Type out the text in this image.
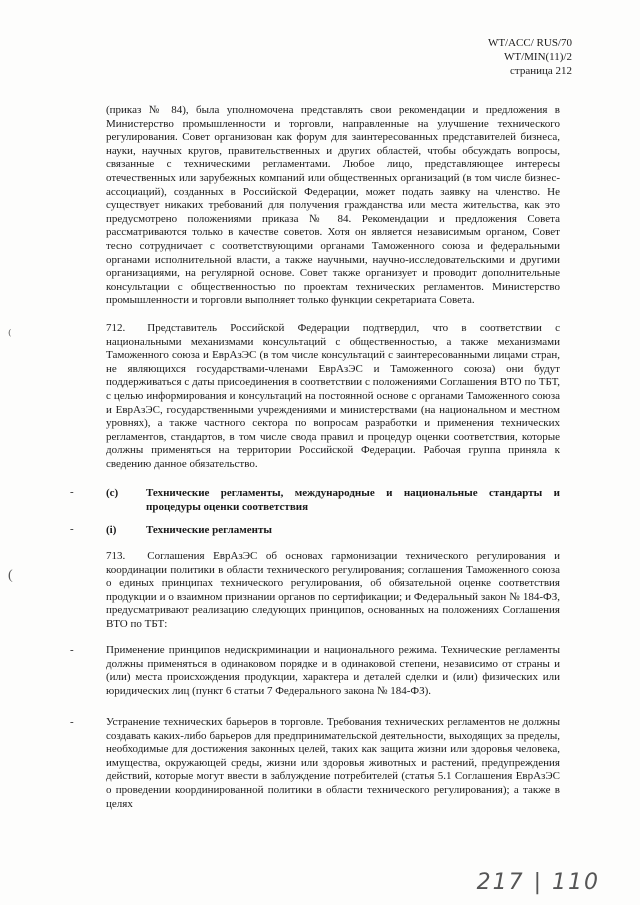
WT/ACC/ RUS/70
WT/MIN(11)/2
страница 212

(приказ № 84), была уполномочена представлять свои рекомендации и предложения в Министерство промышленности и торговли, направленные на улучшение технического регулирования. Совет организован как форум для заинтересованных представителей бизнеса, науки, научных кругов, правительственных и других областей, чтобы обсуждать вопросы, связанные с техническими регламентами. Любое лицо, представляющее интересы отечественных или зарубежных компаний или общественных организаций (в том числе бизнес-ассоциаций), созданных в Российской Федерации, может подать заявку на членство. Не существует никаких требований для получения гражданства или места жительства, как это предусмотрено положениями приказа № 84. Рекомендации и предложения Совета рассматриваются только в качестве советов. Хотя он является независимым органом, Совет тесно сотрудничает с соответствующими органами Таможенного союза и федеральными органами исполнительной власти, а также научными, научно-исследовательскими и другими организациями, на регулярной основе. Совет также организует и проводит дополнительные консультации с общественностью по проектам технических регламентов. Министерство промышленности и торговли выполняет только функции секретариата Совета.

⁽

712. Представитель Российской Федерации подтвердил, что в соответствии с национальными механизмами консультаций с общественностью, а также механизмами Таможенного союза и ЕврАзЭС (в том числе консультаций с заинтересованными лицами стран, не являющихся государствами-членами ЕврАзЭС и Таможенного союза) они будут поддерживаться с даты присоединения в соответствии с положениями Соглашения ВТО по ТБТ, с целью информирования и консультаций на постоянной основе с органами Таможенного союза и ЕврАзЭС, государственными учреждениями и министерствами (на национальном и местном уровнях), а также частного сектора по вопросам разработки и применения технических регламентов, стандартов, в том числе свода правил и процедур оценки соответствия, которые должны применяться на территории Российской Федерации. Рабочая группа приняла к сведению данное обязательство.

-	(c)	Технические регламенты, международные и национальные стандарты и процедуры оценки соответствия
-	(i)	Технические регламенты
(

713. Соглашения ЕврАзЭС об основах гармонизации технического регулирования и координации политики в области технического регулирования; соглашения Таможенного союза о единых принципах технического регулирования, об обязательной оценке соответствия продукции и о взаимном признании органов по сертификации; и Федеральный закон № 184-ФЗ, предусматривают реализацию следующих принципов, основанных на положениях Соглашения ВТО по ТБТ:

-	Применение принципов недискриминации и национального режима. Технические регламенты должны применяться в одинаковом порядке и в одинаковой степени, независимо от страны и (или) места происхождения продукции, характера и деталей сделки и (или) физических или юридических лиц (пункт 6 статьи 7 Федерального закона № 184-ФЗ).

-	Устранение технических барьеров в торговле. Требования технических регламентов не должны создавать каких-либо барьеров для предпринимательской деятельности, выходящих за пределы, необходимые для достижения законных целей, таких как защита жизни или здоровья человека, имущества, окружающей среды, жизни или здоровья животных и растений, предупреждения действий, которые могут ввести в заблуждение потребителей (статья 5.1 Соглашения ЕврАзЭС о проведении координированной политики в области технического регулирования); а также в целях

217 | 110
